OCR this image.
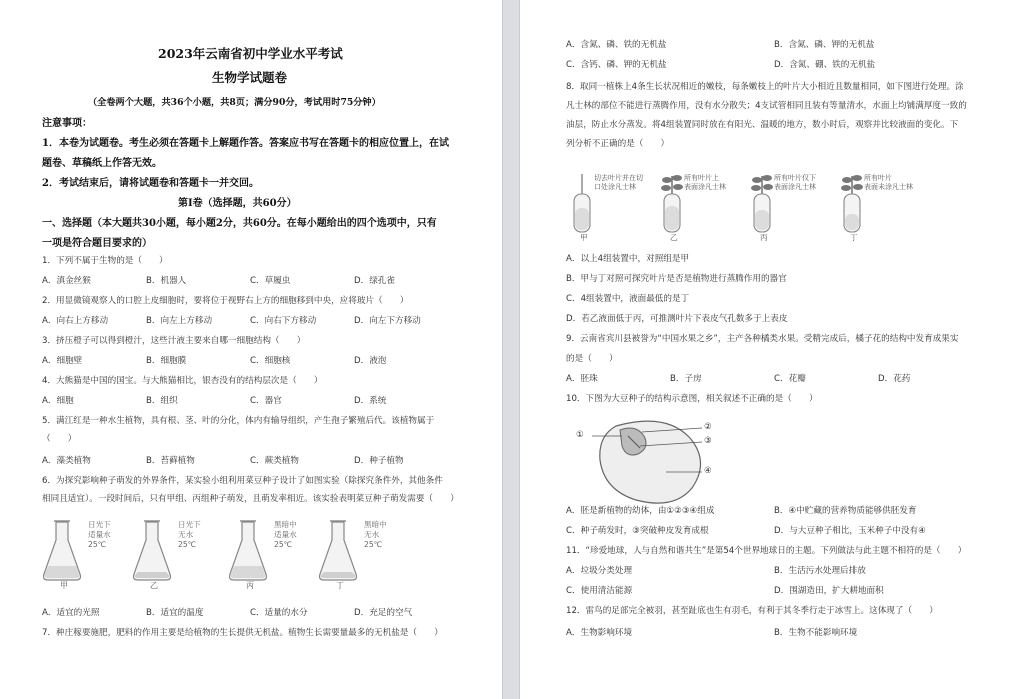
2023年云南省初中学业水平考试
生物学试题卷
（全卷两个大题，共36个小题，共8页；满分90分，考试用时75分钟）
注意事项：
1．本卷为试题卷。考生必须在答题卡上解题作答。答案应书写在答题卡的相应位置上，在试
题卷、草稿纸上作答无效。
2．考试结束后，请将试题卷和答题卡一并交回。
第Ⅰ卷（选择题，共60分）
一、选择题（本大题共30小题，每小题2分，共60分。在每小题给出的四个选项中，只有
一项是符合题目要求的）
1．下列不属于生物的是（　　）
A．滇金丝猴	B．机器人	C．草履虫	D．绿孔雀
2．用显微镜观察人的口腔上皮细胞时，要将位于视野右上方的细胞移到中央，应将玻片（　　）
A．向右上方移动	B．向左上方移动	C．向右下方移动	D．向左下方移动
3．挤压橙子可以得到橙汁，这些汁液主要来自哪一细胞结构（　　）
A．细胞壁	B．细胞膜	C．细胞核	D．液泡
4．大熊猫是中国的国宝。与大熊猫相比，银杏没有的结构层次是（　　）
A．细胞	B．组织	C．器官	D．系统
5．满江红是一种水生植物，具有根、茎、叶的分化，体内有输导组织，产生孢子繁殖后代。该植物属于
（　　）
A．藻类植物	B．苔藓植物	C．蕨类植物	D．种子植物
6．为探究影响种子萌发的外界条件，某实验小组利用菜豆种子设计了如图实验（除探究条件外，其他条件
相同且适宜）。一段时间后，只有甲组、丙组种子萌发，且萌发率相近。该实验表明菜豆种子萌发需要（　　）
日光下
适量水
25℃
甲
日光下
无水
25℃
乙
黑暗中
适量水
25℃
丙
黑暗中
无水
25℃
丁
A．适宜的光照	B．适宜的温度	C．适量的水分	D．充足的空气
7．种庄稼要施肥，肥料的作用主要是给植物的生长提供无机盐。植物生长需要量最多的无机盐是（　　）
A．含氮、磷、铁的无机盐	B．含氮、磷、钾的无机盐
C．含钙、磷、钾的无机盐	D．含氮、硼、铁的无机盐
8．取同一植株上4条生长状况相近的嫩枝，每条嫩枝上的叶片大小相近且数量相同，如下图进行处理。涂
凡士林的部位不能进行蒸腾作用，没有水分散失；4支试管相同且装有等量清水，水面上均铺满厚度一致的
油层，防止水分蒸发。将4组装置同时放在有阳光、温暖的地方，数小时后，观察并比较液面的变化。下
列分析不正确的是（　　）
切去叶片并在切
口处涂凡士林
甲
所有叶片上
表面涂凡士林
乙
所有叶片仅下
表面涂凡士林
丙
所有叶片
表面未涂凡士林
丁
A．以上4组装置中，对照组是甲
B．甲与丁对照可探究叶片是否是植物进行蒸腾作用的器官
C．4组装置中，液面最低的是丁
D．若乙液面低于丙，可推测叶片下表皮气孔数多于上表皮
9．云南省宾川县被誉为“中国水果之乡”，主产各种橘类水果。受精完成后，橘子花的结构中发育成果实
的是（　　）
A．胚珠	B．子房	C．花瓣	D．花药
10．下图为大豆种子的结构示意图，相关叙述不正确的是（　　）
①
②
③
④
A．胚是新植物的幼体，由①②③④组成	B．④中贮藏的营养物质能够供胚发育
C．种子萌发时，③突破种皮发育成根	D．与大豆种子相比，玉米种子中没有④
11．“珍爱地球，人与自然和谐共生”是第54个世界地球日的主题。下列做法与此主题不相符的是（　　）
A．垃圾分类处理	B．生活污水处理后排放
C．使用清洁能源	D．围湖造田，扩大耕地面积
12．雷鸟的足部完全被羽，甚至趾底也生有羽毛，有利于其冬季行走于冰雪上。这体现了（　　）
A．生物影响环境	B．生物不能影响环境
